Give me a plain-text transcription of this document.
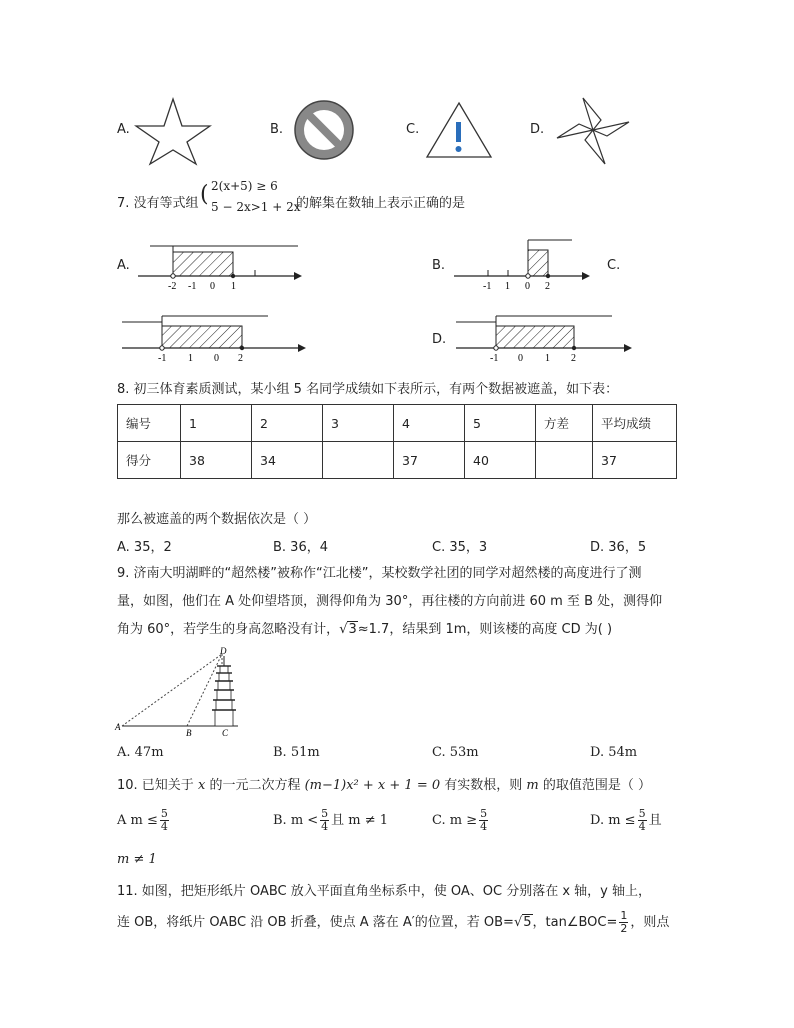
A.	B.	C.	D.
7. 没有等式组 ( 2(x+5) ≥ 6
5 − 2x>1 + 2x
的解集在数轴上表示正确的是
A.
-2 -1 0 1
B.
-1 1 0 2
C.
-1 1 0 2
D.
-1 0 1 2
8. 初三体育素质测试，某小组 5 名同学成绩如下表所示，有两个数据被遮盖，如下表：
编号	1	2	3	4	5	方差	平均成绩
得分	38	34		37	40		37
那么被遮盖的两个数据依次是（ ）
A. 35，2	B. 36，4	C. 35，3	D. 36，5
9. 济南大明湖畔的“超然楼”被称作“江北楼”，某校数学社团的同学对超然楼的高度进行了测
量，如图，他们在 A 处仰望塔顶，测得仰角为 30°，再往楼的方向前进 60 m 至 B 处，测得仰
角为 60°，若学生的身高忽略没有计，√3≈1.7，结果到 1m，则该楼的高度 CD 为( )
D
A
B	C
A. 47m	B. 51m	C. 53m	D. 54m
10. 已知关于 x 的一元二次方程 (m−1)x² + x + 1 = 0 有实数根，则 m 的取值范围是（ ）
A $m \le \frac{5}{4}$	B. $m < \frac{5}{4}$ 且 m ≠ 1	C. $m \ge \frac{5}{4}$	D. $m \le \frac{5}{4}$ 且
m ≠ 1
11. 如图，把矩形纸片 OABC 放入平面直角坐标系中，使 OA、OC 分别落在 x 轴，y 轴上，
连 OB，将纸片 OABC 沿 OB 折叠，使点 A 落在 A′的位置，若 OB=√5，tan∠BOC= $\frac{1}{2}$ ，则点
